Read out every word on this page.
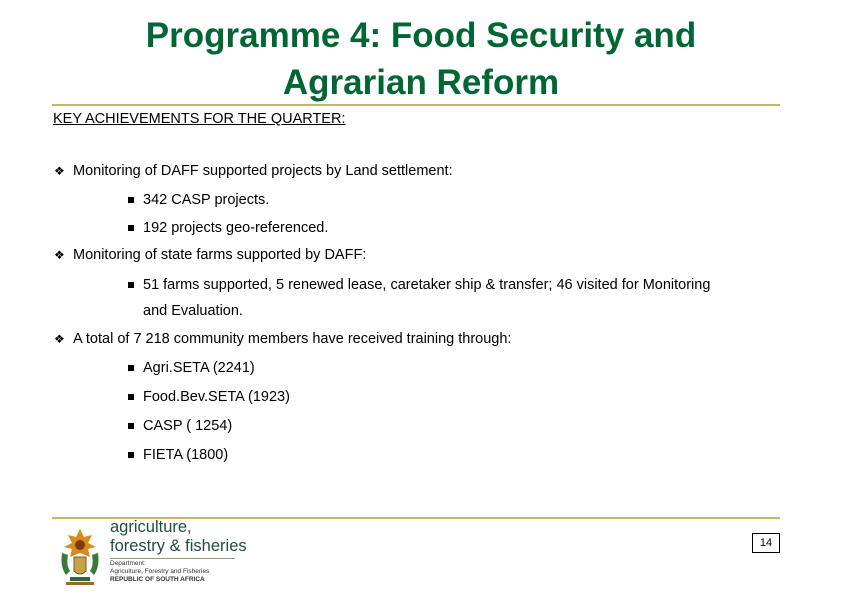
Programme 4: Food Security and
Agrarian Reform
KEY ACHIEVEMENTS FOR THE QUARTER:
❖ Monitoring of DAFF supported projects by Land settlement:
342 CASP projects.
192 projects geo-referenced.
❖ Monitoring of state farms supported by DAFF:
51 farms supported, 5 renewed lease, caretaker ship & transfer; 46 visited for Monitoring
and Evaluation.
❖ A total of 7 218 community members have received training through:
Agri.SETA (2241)
Food.Bev.SETA (1923)
CASP ( 1254)
FIETA (1800)
agriculture,
forestry & fisheries
Department:
Agriculture, Forestry and Fisheries
REPUBLIC OF SOUTH AFRICA
14
